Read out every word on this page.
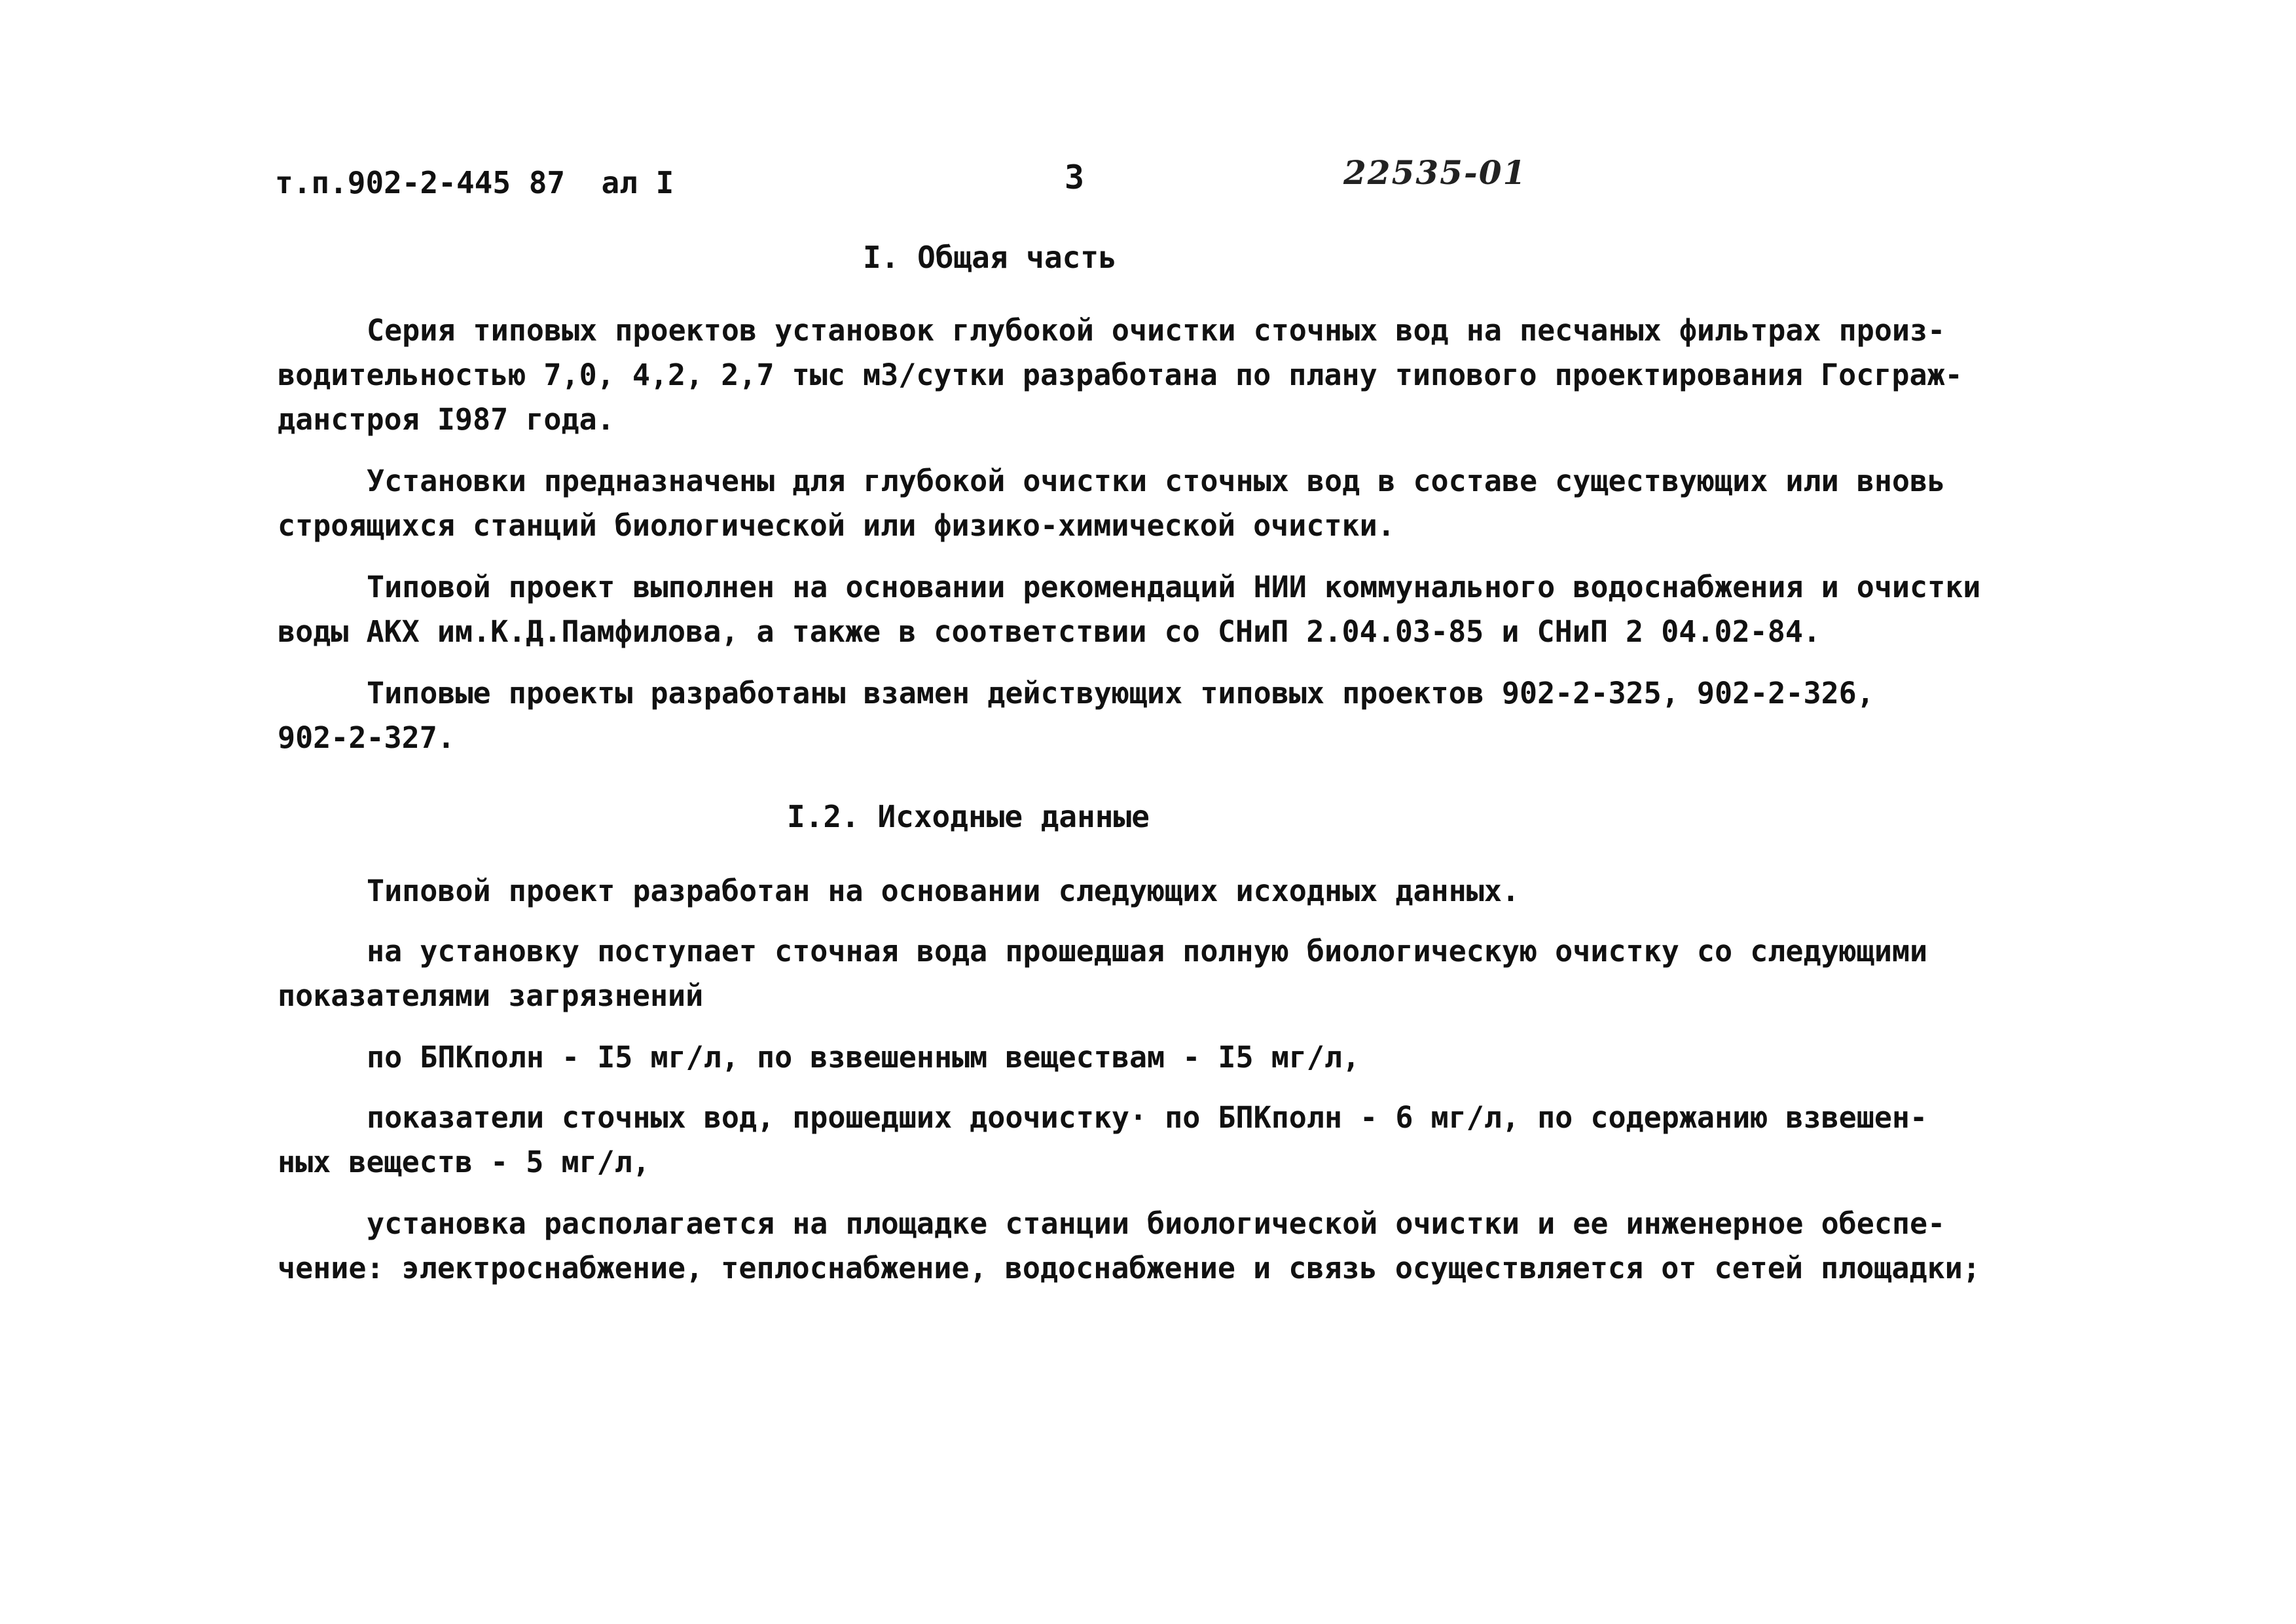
т.п.902-2-445 87  ал I	3	22535-01
I. Общая часть
Серия типовых проектов установок глубокой очистки сточных вод на песчаных фильтрах произ-
водительностью 7,0, 4,2, 2,7 тыс м3/сутки разработана по плану типового проектирования Госграж-
данстроя I987 года.
Установки предназначены для глубокой очистки сточных вод в составе существующих или вновь
строящихся станций биологической или физико-химической очистки.
Типовой проект выполнен на основании рекомендаций НИИ коммунального водоснабжения и очистки
воды АКХ им.К.Д.Памфилова, а также в соответствии со СНиП 2.04.03-85 и СНиП 2 04.02-84.
Типовые проекты разработаны взамен действующих типовых проектов 902-2-325, 902-2-326,
902-2-327.
I.2. Исходные данные
Типовой проект разработан на основании следующих исходных данных.
на установку поступает сточная вода прошедшая полную биологическую очистку со следующими
показателями загрязнений
по БПКполн - I5 мг/л, по взвешенным веществам - I5 мг/л,
показатели сточных вод, прошедших доочистку· по БПКполн - 6 мг/л, по содержанию взвешен-
ных веществ - 5 мг/л,
установка располагается на площадке станции биологической очистки и ее инженерное обеспе-
чение: электроснабжение, теплоснабжение, водоснабжение и связь осуществляется от сетей площадки;
